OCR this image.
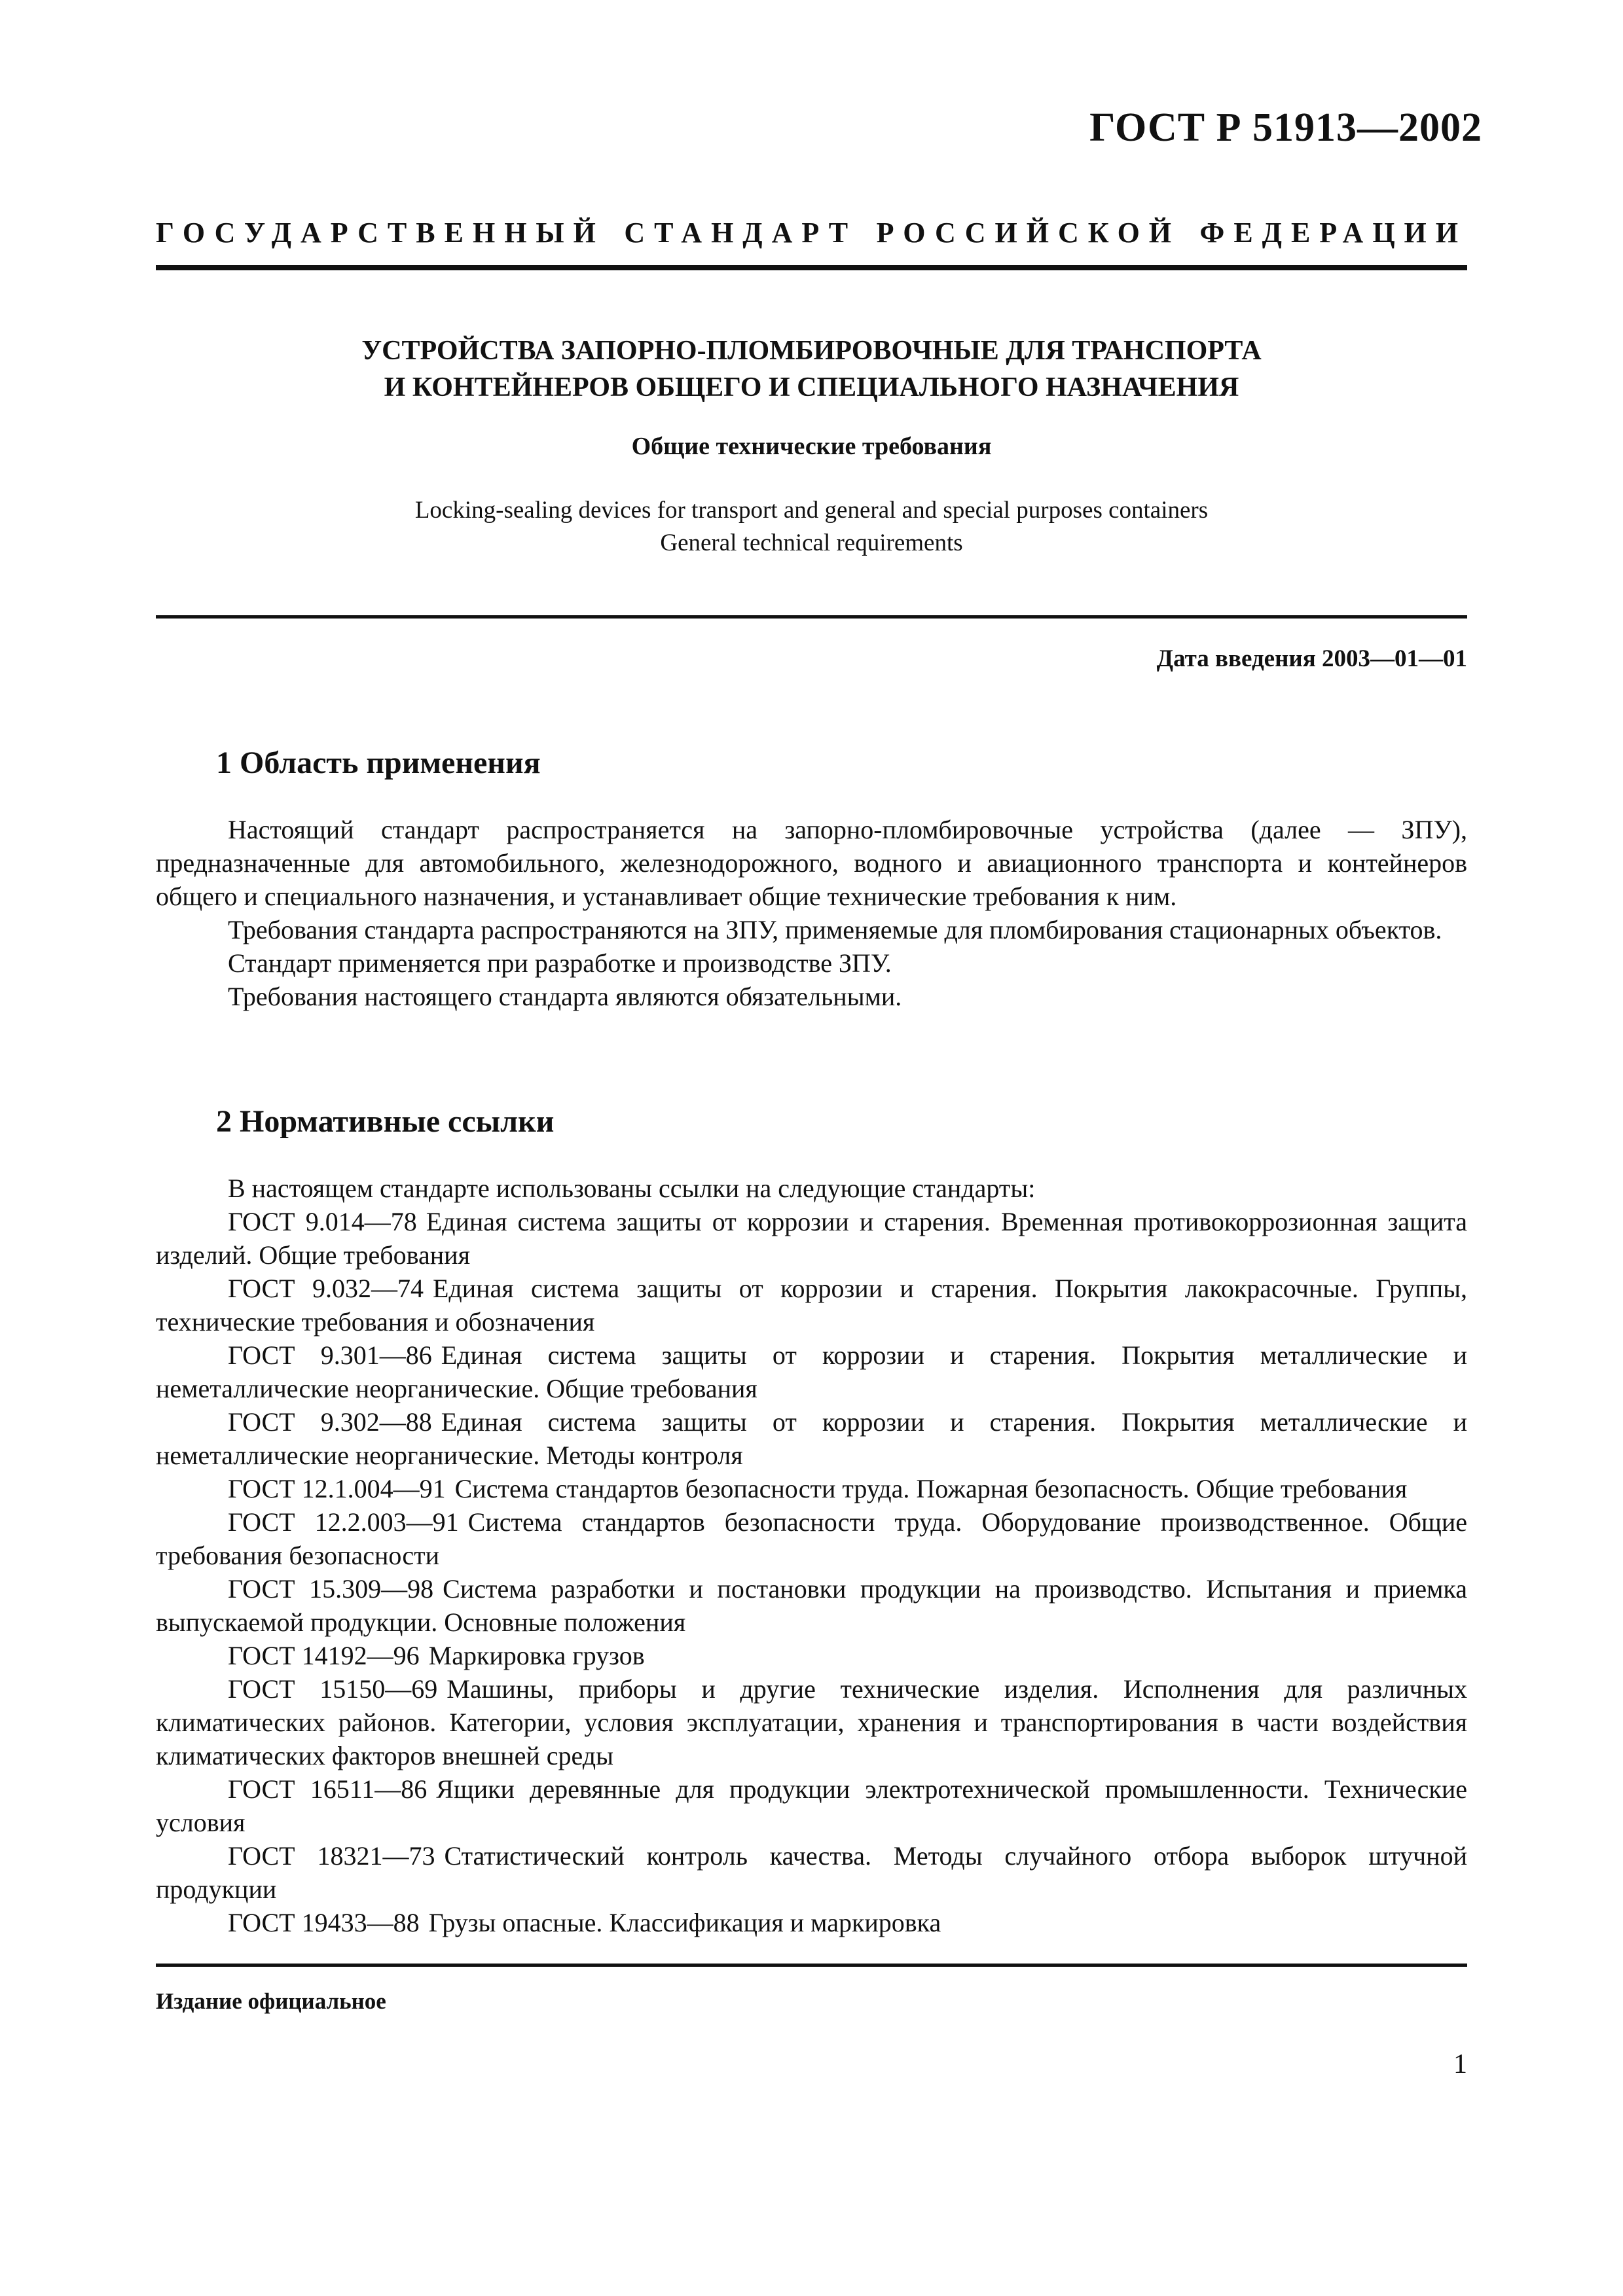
ГОСТ Р 51913—2002
ГОСУДАРСТВЕННЫЙ СТАНДАРТ РОССИЙСКОЙ ФЕДЕРАЦИИ
УСТРОЙСТВА ЗАПОРНО-ПЛОМБИРОВОЧНЫЕ ДЛЯ ТРАНСПОРТА
И КОНТЕЙНЕРОВ ОБЩЕГО И СПЕЦИАЛЬНОГО НАЗНАЧЕНИЯ
Общие технические требования
Locking-sealing devices for transport and general and special purposes containers
General technical requirements
Дата введения 2003—01—01
1 Область применения

Настоящий стандарт распространяется на запорно-пломбировочные устройства (далее — ЗПУ), предназначенные для автомобильного, железнодорожного, водного и авиационного транспорта и контейнеров общего и специального назначения, и устанавливает общие технические требования к ним.

Требования стандарта распространяются на ЗПУ, применяемые для пломбирования стационарных объектов.

Стандарт применяется при разработке и производстве ЗПУ.

Требования настоящего стандарта являются обязательными.

2 Нормативные ссылки

В настоящем стандарте использованы ссылки на следующие стандарты:

ГОСТ 9.014—78 Единая система защиты от коррозии и старения. Временная противокоррозионная защита изделий. Общие требования

ГОСТ 9.032—74 Единая система защиты от коррозии и старения. Покрытия лакокрасочные. Группы, технические требования и обозначения

ГОСТ 9.301—86 Единая система защиты от коррозии и старения. Покрытия металлические и неметаллические неорганические. Общие требования

ГОСТ 9.302—88 Единая система защиты от коррозии и старения. Покрытия металлические и неметаллические неорганические. Методы контроля

ГОСТ 12.1.004—91 Система стандартов безопасности труда. Пожарная безопасность. Общие требования

ГОСТ 12.2.003—91 Система стандартов безопасности труда. Оборудование производственное. Общие требования безопасности

ГОСТ 15.309—98 Система разработки и постановки продукции на производство. Испытания и приемка выпускаемой продукции. Основные положения

ГОСТ 14192—96 Маркировка грузов

ГОСТ 15150—69 Машины, приборы и другие технические изделия. Исполнения для различных климатических районов. Категории, условия эксплуатации, хранения и транспортирования в части воздействия климатических факторов внешней среды

ГОСТ 16511—86 Ящики деревянные для продукции электротехнической промышленности. Технические условия

ГОСТ 18321—73 Статистический контроль качества. Методы случайного отбора выборок штучной продукции

ГОСТ 19433—88 Грузы опасные. Классификация и маркировка

Издание официальное
1
